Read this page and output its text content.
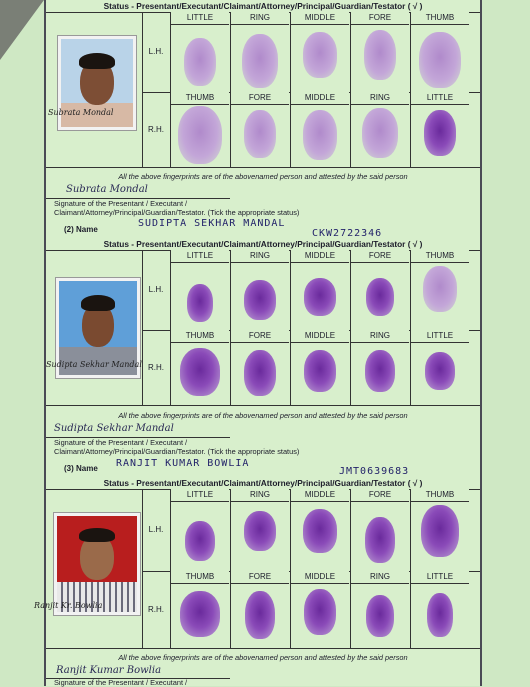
Status - Presentant/Executant/Claimant/Attorney/Principal/Guardian/Testator ( √ )
Subrata Mondal
L.H.
R.H.
LITTLE	RING	MIDDLE	FORE	THUMB
THUMB	FORE	MIDDLE	RING	LITTLE
All the above fingerprints are of the abovenamed person and attested by the said person
Subrata Mondal
Signature of the Presentant / Executant /
Claimant/Attorney/Principal/Guardian/Testator. (Tick the appropriate status)
(2) Name
SUDIPTA SEKHAR MANDAL
CKW2722346
Status - Presentant/Executant/Claimant/Attorney/Principal/Guardian/Testator ( √ )
Sudipta Sekhar Mandal
L.H.
R.H.
LITTLE	RING	MIDDLE	FORE	THUMB
THUMB	FORE	MIDDLE	RING	LITTLE
All the above fingerprints are of the abovenamed person and attested by the said person
Sudipta Sekhar Mandal
Signature of the Presentant / Executant /
Claimant/Attorney/Principal/Guardian/Testator. (Tick the appropriate status)
(3) Name RANJIT KUMAR BOWLIA
JMT0639683
Status - Presentant/Executant/Claimant/Attorney/Principal/Guardian/Testator ( √ )
Ranjit Kr. Bowlia
L.H.
R.H.
LITTLE	RING	MIDDLE	FORE	THUMB
THUMB	FORE	MIDDLE	RING	LITTLE
All the above fingerprints are of the abovenamed person and attested by the said person
Ranjit Kumar Bowlia
Signature of the Presentant / Executant /
